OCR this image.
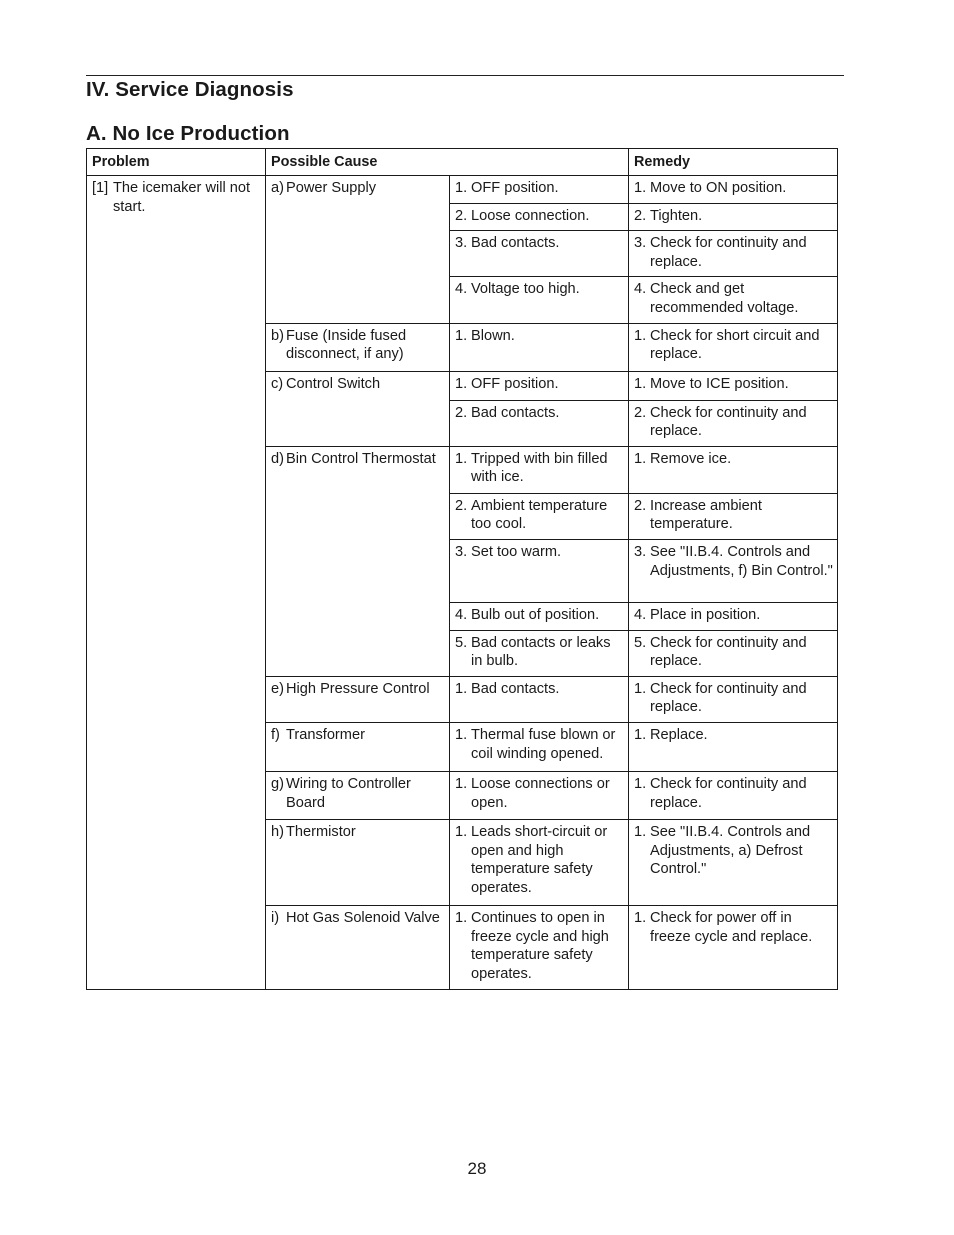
IV. Service Diagnosis
A. No Ice Production
Problem	Possible Cause		Remedy

[1] The icemaker will not start.	a) Power Supply	1. OFF position.	1. Move to ON position.

		2. Loose connection.	2. Tighten.

		3. Bad contacts.	3. Check for continuity and replace.

		4. Voltage too high.	4. Check and get recommended voltage.

	b) Fuse (Inside fused disconnect, if any)	1. Blown.	1. Check for short circuit and replace.

	c) Control Switch	1. OFF position.	1. Move to ICE position.

		2. Bad contacts.	2. Check for continuity and replace.

	d) Bin Control Thermostat	1. Tripped with bin filled with ice.	1. Remove ice.

		2. Ambient temperature too cool.	2. Increase ambient temperature.

		3. Set too warm.	3. See "II.B.4. Controls and Adjustments, f) Bin Control."

		4. Bulb out of position.	4. Place in position.

		5. Bad contacts or leaks in bulb.	5. Check for continuity and replace.

	e) High Pressure Control	1. Bad contacts.	1. Check for continuity and replace.

	f) Transformer	1. Thermal fuse blown or coil winding opened.	1. Replace.

	g) Wiring to Controller Board	1. Loose connections or open.	1. Check for continuity and replace.

	h) Thermistor	1. Leads short-circuit or open and high temperature safety operates.	1. See "II.B.4. Controls and Adjustments, a) Defrost Control."

	i) Hot Gas Solenoid Valve	1. Continues to open in freeze cycle and high temperature safety operates.	1. Check for power off in freeze cycle and replace.
28
